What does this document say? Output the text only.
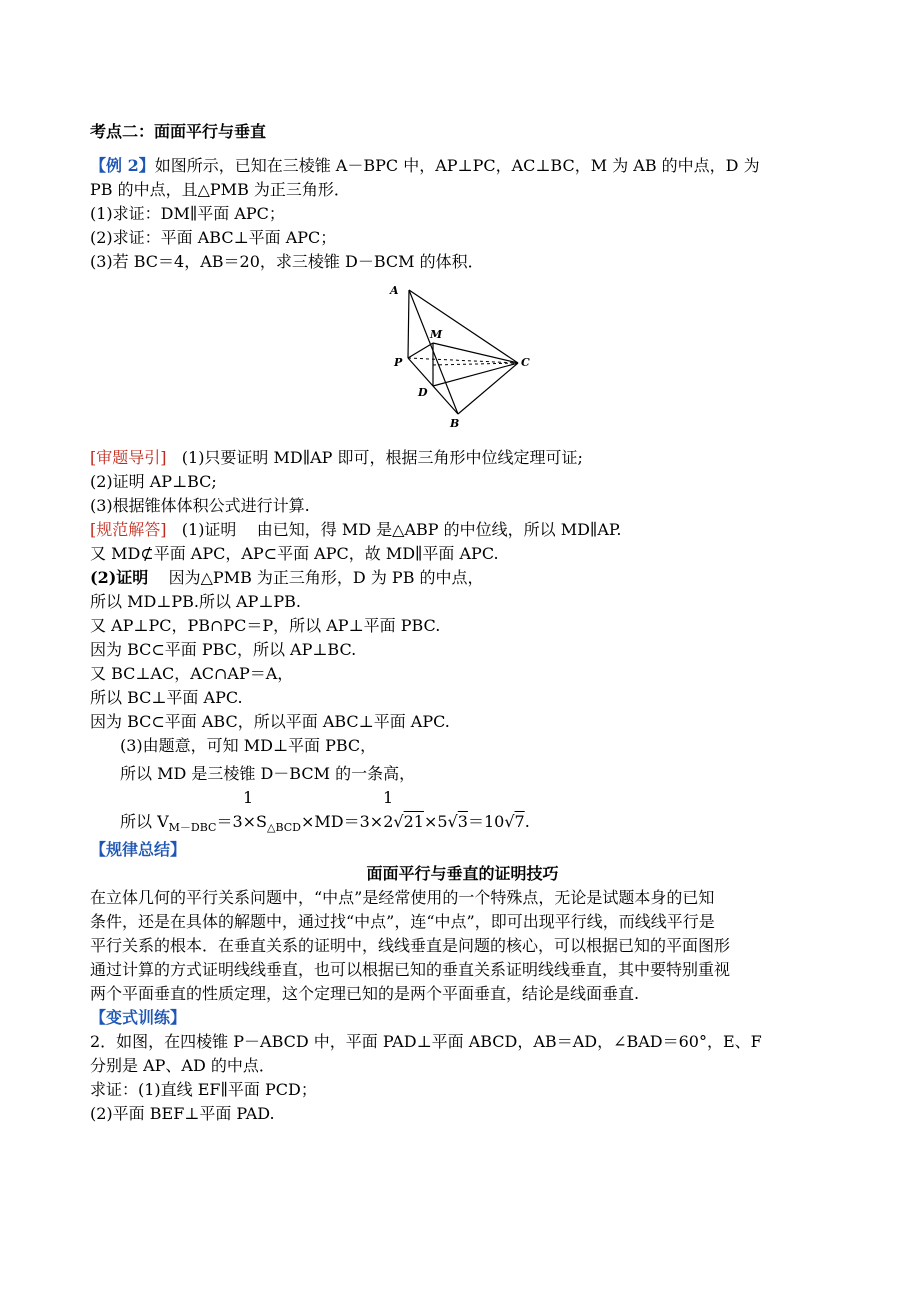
考点二：面面平行与垂直
【例 2】如图所示，已知在三棱锥 A－BPC 中，AP⊥PC，AC⊥BC，M 为 AB 的中点，D 为
PB 的中点，且△PMB 为正三角形．
(1)求证：DM∥平面 APC；
(2)求证：平面 ABC⊥平面 APC；
(3)若 BC＝4，AB＝20，求三棱锥 D－BCM 的体积．
A
M
P	C
D
B
[审题导引] (1)只要证明 MD∥AP 即可，根据三角形中位线定理可证;
(2)证明 AP⊥BC;
(3)根据锥体体积公式进行计算.
[规范解答] (1)证明 由已知，得 MD 是△ABP 的中位线，所以 MD∥AP.
又 MD⊄平面 APC，AP⊂平面 APC，故 MD∥平面 APC.
(2)证明 因为△PMB 为正三角形，D 为 PB 的中点，
所以 MD⊥PB.所以 AP⊥PB.
又 AP⊥PC，PB∩PC＝P，所以 AP⊥平面 PBC.
因为 BC⊂平面 PBC，所以 AP⊥BC.
又 BC⊥AC，AC∩AP＝A，
所以 BC⊥平面 APC.
因为 BC⊂平面 ABC，所以平面 ABC⊥平面 APC.
(3)由题意，可知 MD⊥平面 PBC，
所以 MD 是三棱锥 D－BCM 的一条高，
1	1
所以 $V_{M-DBC}=3\times S_{\triangle BCD}\times MD=3\times 2√21\times 5√3=10√7$.
【规律总结】
面面平行与垂直的证明技巧
在立体几何的平行关系问题中，“中点”是经常使用的一个特殊点，无论是试题本身的已知
条件，还是在具体的解题中，通过找“中点”，连“中点”，即可出现平行线，而线线平行是
平行关系的根本．在垂直关系的证明中，线线垂直是问题的核心，可以根据已知的平面图形
通过计算的方式证明线线垂直，也可以根据已知的垂直关系证明线线垂直，其中要特别重视
两个平面垂直的性质定理，这个定理已知的是两个平面垂直，结论是线面垂直.
【变式训练】
2．如图，在四棱锥 P－ABCD 中，平面 PAD⊥平面 ABCD，AB＝AD，∠BAD＝60°，E、F
分别是 AP、AD 的中点．
求证：(1)直线 EF∥平面 PCD；
(2)平面 BEF⊥平面 PAD.
